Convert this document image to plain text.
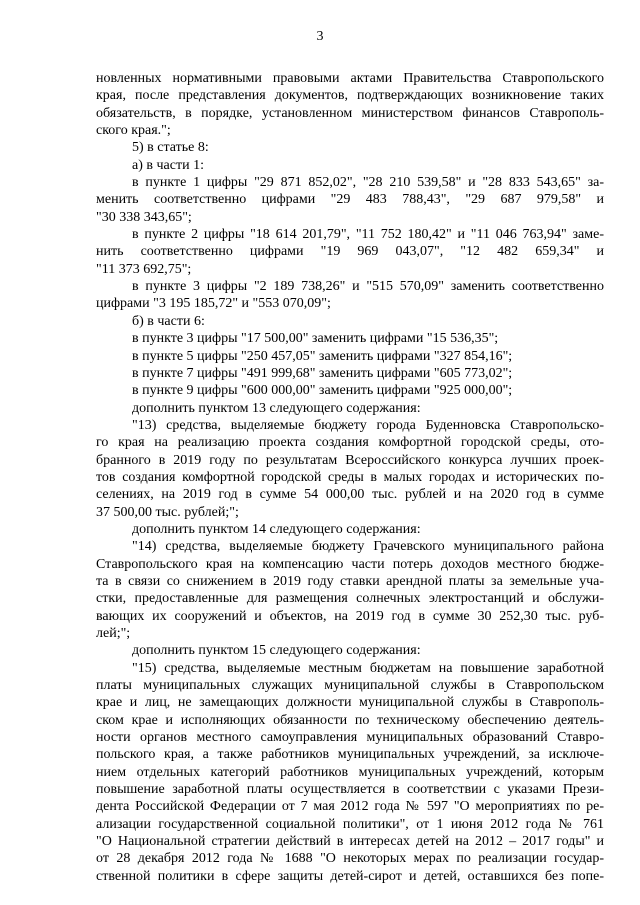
3
новленных нормативными правовыми актами Правительства Ставропольского
края, после представления документов, подтверждающих возникновение таких
обязательств, в порядке, установленном министерством финансов Ставрополь-
ского края.";
5) в статье 8:
а) в части 1:
в пункте 1 цифры "29 871 852,02", "28 210 539,58" и "28 833 543,65" за-
менить соответственно цифрами "29 483 788,43", "29 687 979,58" и
"30 338 343,65";
в пункте 2 цифры "18 614 201,79", "11 752 180,42" и "11 046 763,94" заме-
нить соответственно цифрами "19 969 043,07", "12 482 659,34" и
"11 373 692,75";
в пункте 3 цифры "2 189 738,26" и "515 570,09" заменить соответственно
цифрами "3 195 185,72" и "553 070,09";
б) в части 6:
в пункте 3 цифры "17 500,00" заменить цифрами "15 536,35";
в пункте 5 цифры "250 457,05" заменить цифрами "327 854,16";
в пункте 7 цифры "491 999,68" заменить цифрами "605 773,02";
в пункте 9 цифры "600 000,00" заменить цифрами "925 000,00";
дополнить пунктом 13 следующего содержания:
"13) средства, выделяемые бюджету города Буденновска Ставропольско-
го края на реализацию проекта создания комфортной городской среды, ото-
бранного в 2019 году по результатам Всероссийского конкурса лучших проек-
тов создания комфортной городской среды в малых городах и исторических по-
селениях, на 2019 год в сумме 54 000,00 тыс. рублей и на 2020 год в сумме
37 500,00 тыс. рублей;";
дополнить пунктом 14 следующего содержания:
"14) средства, выделяемые бюджету Грачевского муниципального района
Ставропольского края на компенсацию части потерь доходов местного бюдже-
та в связи со снижением в 2019 году ставки арендной платы за земельные уча-
стки, предоставленные для размещения солнечных электростанций и обслужи-
вающих их сооружений и объектов, на 2019 год в сумме 30 252,30 тыс. руб-
лей;";
дополнить пунктом 15 следующего содержания:
"15) средства, выделяемые местным бюджетам на повышение заработной
платы муниципальных служащих муниципальной службы в Ставропольском
крае и лиц, не замещающих должности муниципальной службы в Ставрополь-
ском крае и исполняющих обязанности по техническому обеспечению деятель-
ности органов местного самоуправления муниципальных образований Ставро-
польского края, а также работников муниципальных учреждений, за исключе-
нием отдельных категорий работников муниципальных учреждений, которым
повышение заработной платы осуществляется в соответствии с указами Прези-
дента Российской Федерации от 7 мая 2012 года № 597 "О мероприятиях по ре-
ализации государственной социальной политики", от 1 июня 2012 года № 761
"О Национальной стратегии действий в интересах детей на 2012 – 2017 годы" и
от 28 декабря 2012 года № 1688 "О некоторых мерах по реализации государ-
ственной политики в сфере защиты детей-сирот и детей, оставшихся без попе-
